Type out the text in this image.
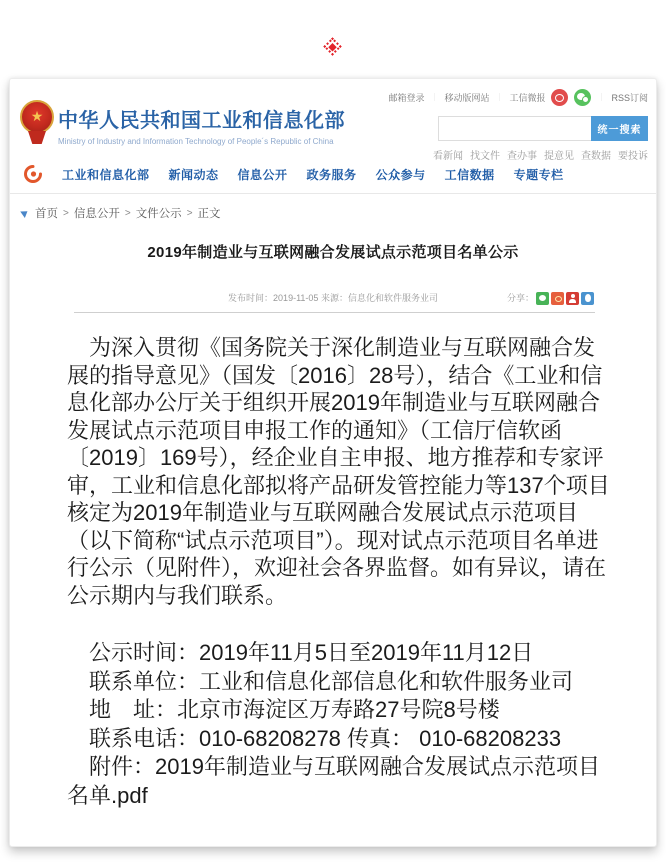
★ 中华人民共和国工业和信息化部
Ministry of Industry and Information Technology of People´s Republic of China
邮箱登录 ｜ 移动版网站 ｜ 工信微报	｜ RSS订阅
统一搜索
看新闻 找文件 查办事 提意见 查数据 要投诉
工业和信息化部 新闻动态 信息公开 政务服务 公众参与 工信数据 专题专栏
首页 > 信息公开 > 文件公示 > 正文
2019年制造业与互联网融合发展试点示范项目名单公示
发布时间：2019-11-05 来源：信息化和软件服务业司	分享：

为深入贯彻《国务院关于深化制造业与互联网融合发展的指导意见》（国发〔2016〕28号），结合《工业和信息化部办公厅关于组织开展2019年制造业与互联网融合发展试点示范项目申报工作的通知》（工信厅信软函〔2019〕169号），经企业自主申报、地方推荐和专家评审，工业和信息化部拟将产品研发管控能力等137个项目核定为2019年制造业与互联网融合发展试点示范项目（以下简称“试点示范项目”）。现对试点示范项目名单进行公示（见附件），欢迎社会各界监督。如有异议，请在公示期内与我们联系。

公示时间：2019年11月5日至2019年11月12日

联系单位：工业和信息化部信息化和软件服务业司

地　址：北京市海淀区万寿路27号院8号楼

联系电话：010-68208278 传真： 010-68208233

附件：2019年制造业与互联网融合发展试点示范项目名单.pdf
